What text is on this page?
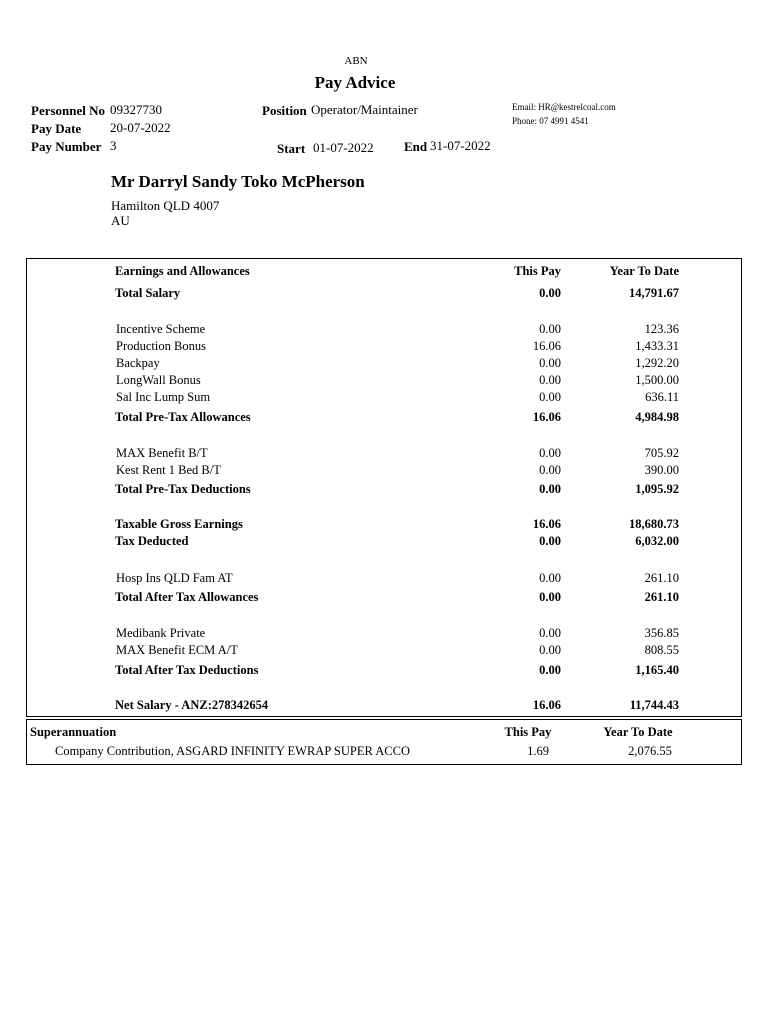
ABN
Pay Advice
Personnel No 09327730
Pay Date 20-07-2022
Pay Number 3
Position Operator/Maintainer
Start 01-07-2022 End 31-07-2022
Email: HR@kestrelcoal.com
Phone: 07 4991 4541
Mr Darryl Sandy Toko McPherson
Hamilton QLD 4007
AU
Earnings and Allowances	This Pay	Year To Date
Total Salary	0.00	14,791.67
Incentive Scheme	0.00	123.36
Production Bonus	16.06	1,433.31
Backpay	0.00	1,292.20
LongWall Bonus	0.00	1,500.00
Sal Inc Lump Sum	0.00	636.11
Total Pre-Tax Allowances	16.06	4,984.98
MAX Benefit B/T	0.00	705.92
Kest Rent 1 Bed B/T	0.00	390.00
Total Pre-Tax Deductions	0.00	1,095.92
Taxable Gross Earnings	16.06	18,680.73
Tax Deducted	0.00	6,032.00
Hosp Ins QLD Fam AT	0.00	261.10
Total After Tax Allowances	0.00	261.10
Medibank Private	0.00	356.85
MAX Benefit ECM A/T	0.00	808.55
Total After Tax Deductions	0.00	1,165.40
Net Salary - ANZ:278342654	16.06	11,744.43
Superannuation	This Pay	Year To Date
Company Contribution, ASGARD INFINITY EWRAP SUPER ACCO	1.69	2,076.55
